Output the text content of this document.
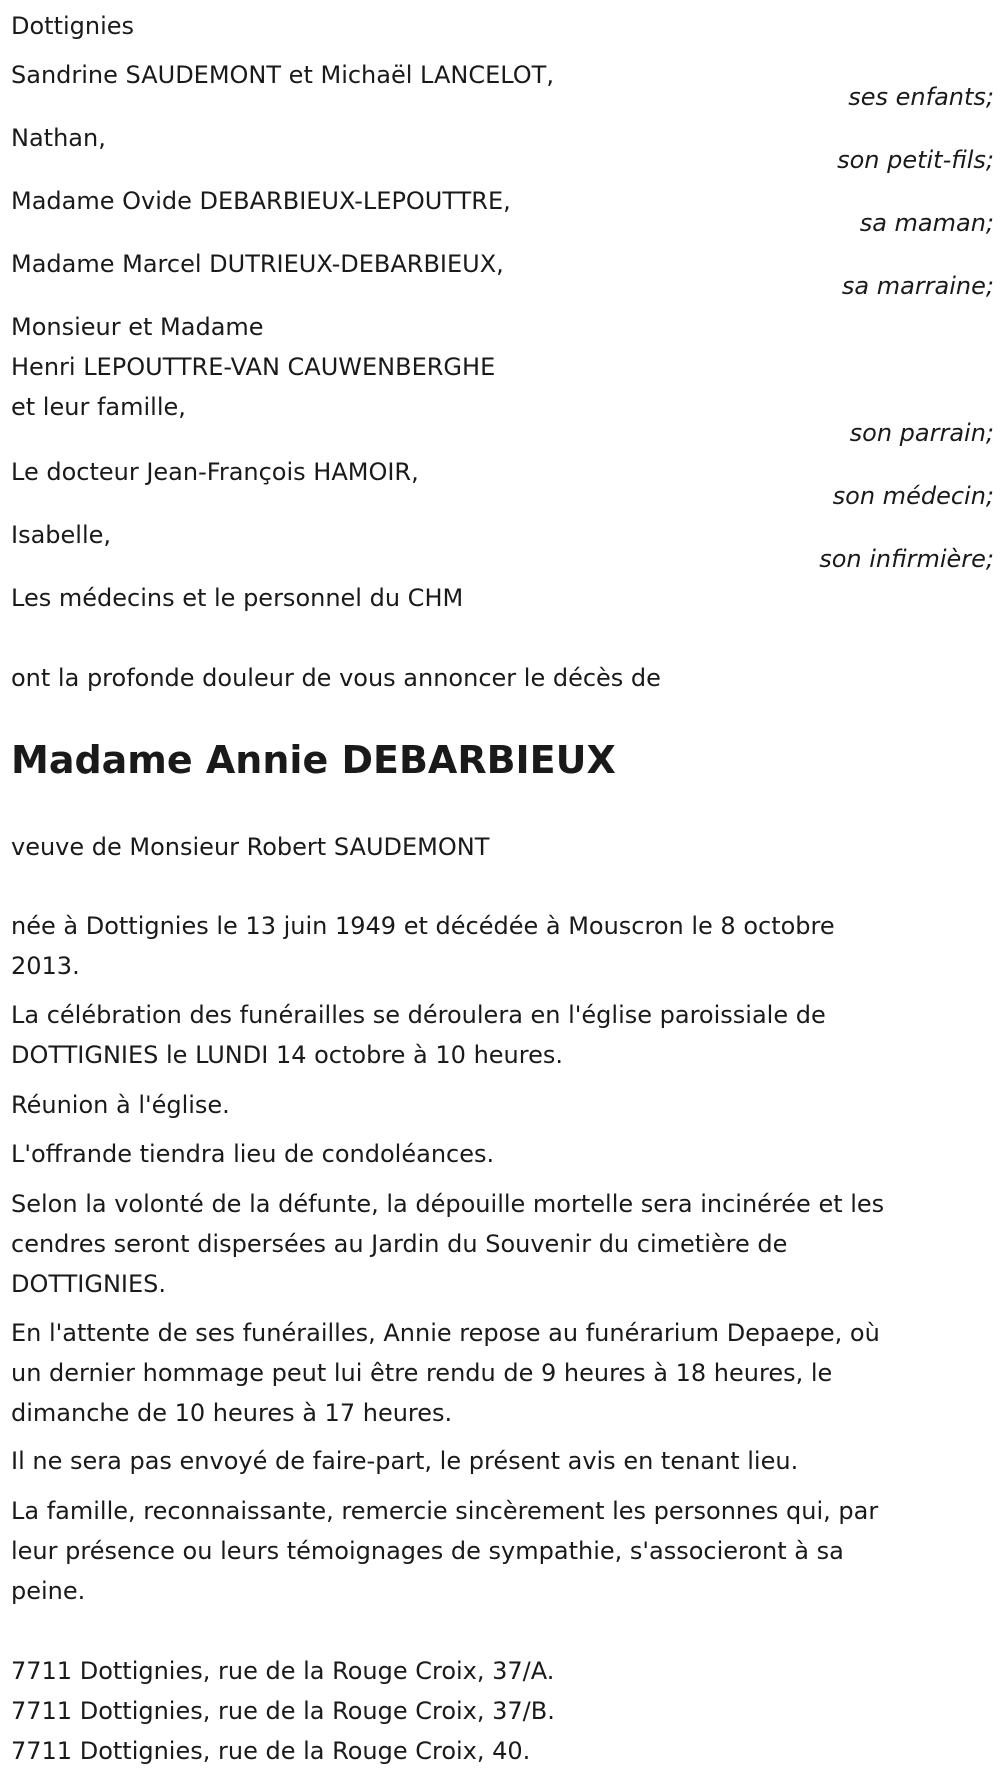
Dottignies
Sandrine SAUDEMONT et Michaël LANCELOT,
ses enfants;
Nathan,
son petit-fils;
Madame Ovide DEBARBIEUX-LEPOUTTRE,
sa maman;
Madame Marcel DUTRIEUX-DEBARBIEUX,
sa marraine;
Monsieur et Madame
Henri LEPOUTTRE-VAN CAUWENBERGHE
et leur famille,
son parrain;
Le docteur Jean-François HAMOIR,
son médecin;
Isabelle,
son infirmière;
Les médecins et le personnel du CHM
ont la profonde douleur de vous annoncer le décès de
Madame Annie DEBARBIEUX
veuve de Monsieur Robert SAUDEMONT
née à Dottignies le 13 juin 1949 et décédée à Mouscron le 8 octobre
2013.
La célébration des funérailles se déroulera en l'église paroissiale de
DOTTIGNIES le LUNDI 14 octobre à 10 heures.
Réunion à l'église.
L'offrande tiendra lieu de condoléances.
Selon la volonté de la défunte, la dépouille mortelle sera incinérée et les
cendres seront dispersées au Jardin du Souvenir du cimetière de
DOTTIGNIES.
En l'attente de ses funérailles, Annie repose au funérarium Depaepe, où
un dernier hommage peut lui être rendu de 9 heures à 18 heures, le
dimanche de 10 heures à 17 heures.
Il ne sera pas envoyé de faire-part, le présent avis en tenant lieu.
La famille, reconnaissante, remercie sincèrement les personnes qui, par
leur présence ou leurs témoignages de sympathie, s'associeront à sa
peine.
7711 Dottignies, rue de la Rouge Croix, 37/A.
7711 Dottignies, rue de la Rouge Croix, 37/B.
7711 Dottignies, rue de la Rouge Croix, 40.
